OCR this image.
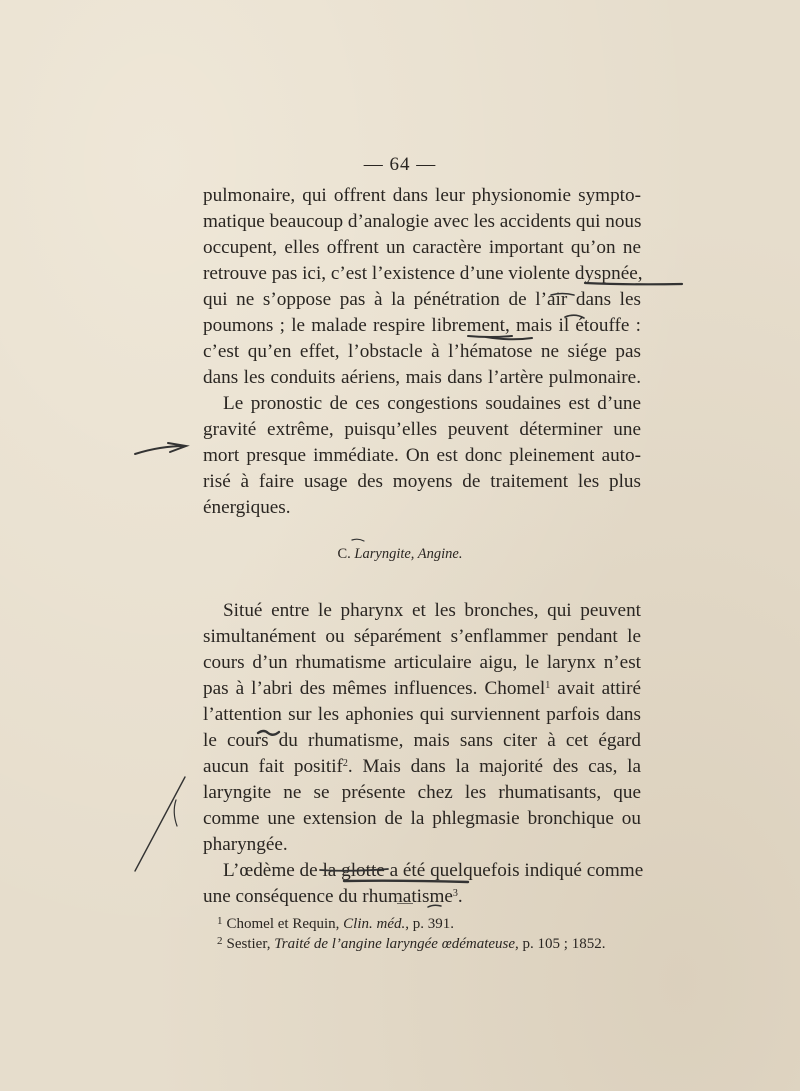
— 64 —
pulmonaire, qui offrent dans leur physionomie sympto-
matique beaucoup d’analogie avec les accidents qui nous
occupent, elles offrent un caractère important qu’on ne
retrouve pas ici, c’est l’existence d’une violente dyspnée,
qui ne s’oppose pas à la pénétration de l’air dans les
poumons ; le malade respire librement, mais il étouffe :
c’est qu’en effet, l’obstacle à l’hématose ne siége pas
dans les conduits aériens, mais dans l’artère pulmonaire.
Le pronostic de ces congestions soudaines est d’une
gravité extrême, puisqu’elles peuvent déterminer une
mort presque immédiate. On est donc pleinement auto-
risé à faire usage des moyens de traitement les plus
énergiques.
C. Laryngite, Angine.
Situé entre le pharynx et les bronches, qui peuvent
simultanément ou séparément s’enflammer pendant le
cours d’un rhumatisme articulaire aigu, le larynx n’est
pas à l’abri des mêmes influences. Chomel$^1$ avait attiré
l’attention sur les aphonies qui surviennent parfois dans
le cours du rhumatisme, mais sans citer à cet égard
aucun fait positif$^2$. Mais dans la majorité des cas, la
laryngite ne se présente chez les rhumatisants, que
comme une extension de la phlegmasie bronchique ou
pharyngée.
L’œdème de la glotte a été quelquefois indiqué comme
une conséquence du rhumatisme$^3$.
$^1$ Chomel et Requin, Clin. méd., p. 391.
$^2$ Sestier, Traité de l’angine laryngée œdémateuse, p. 105 ; 1852.
